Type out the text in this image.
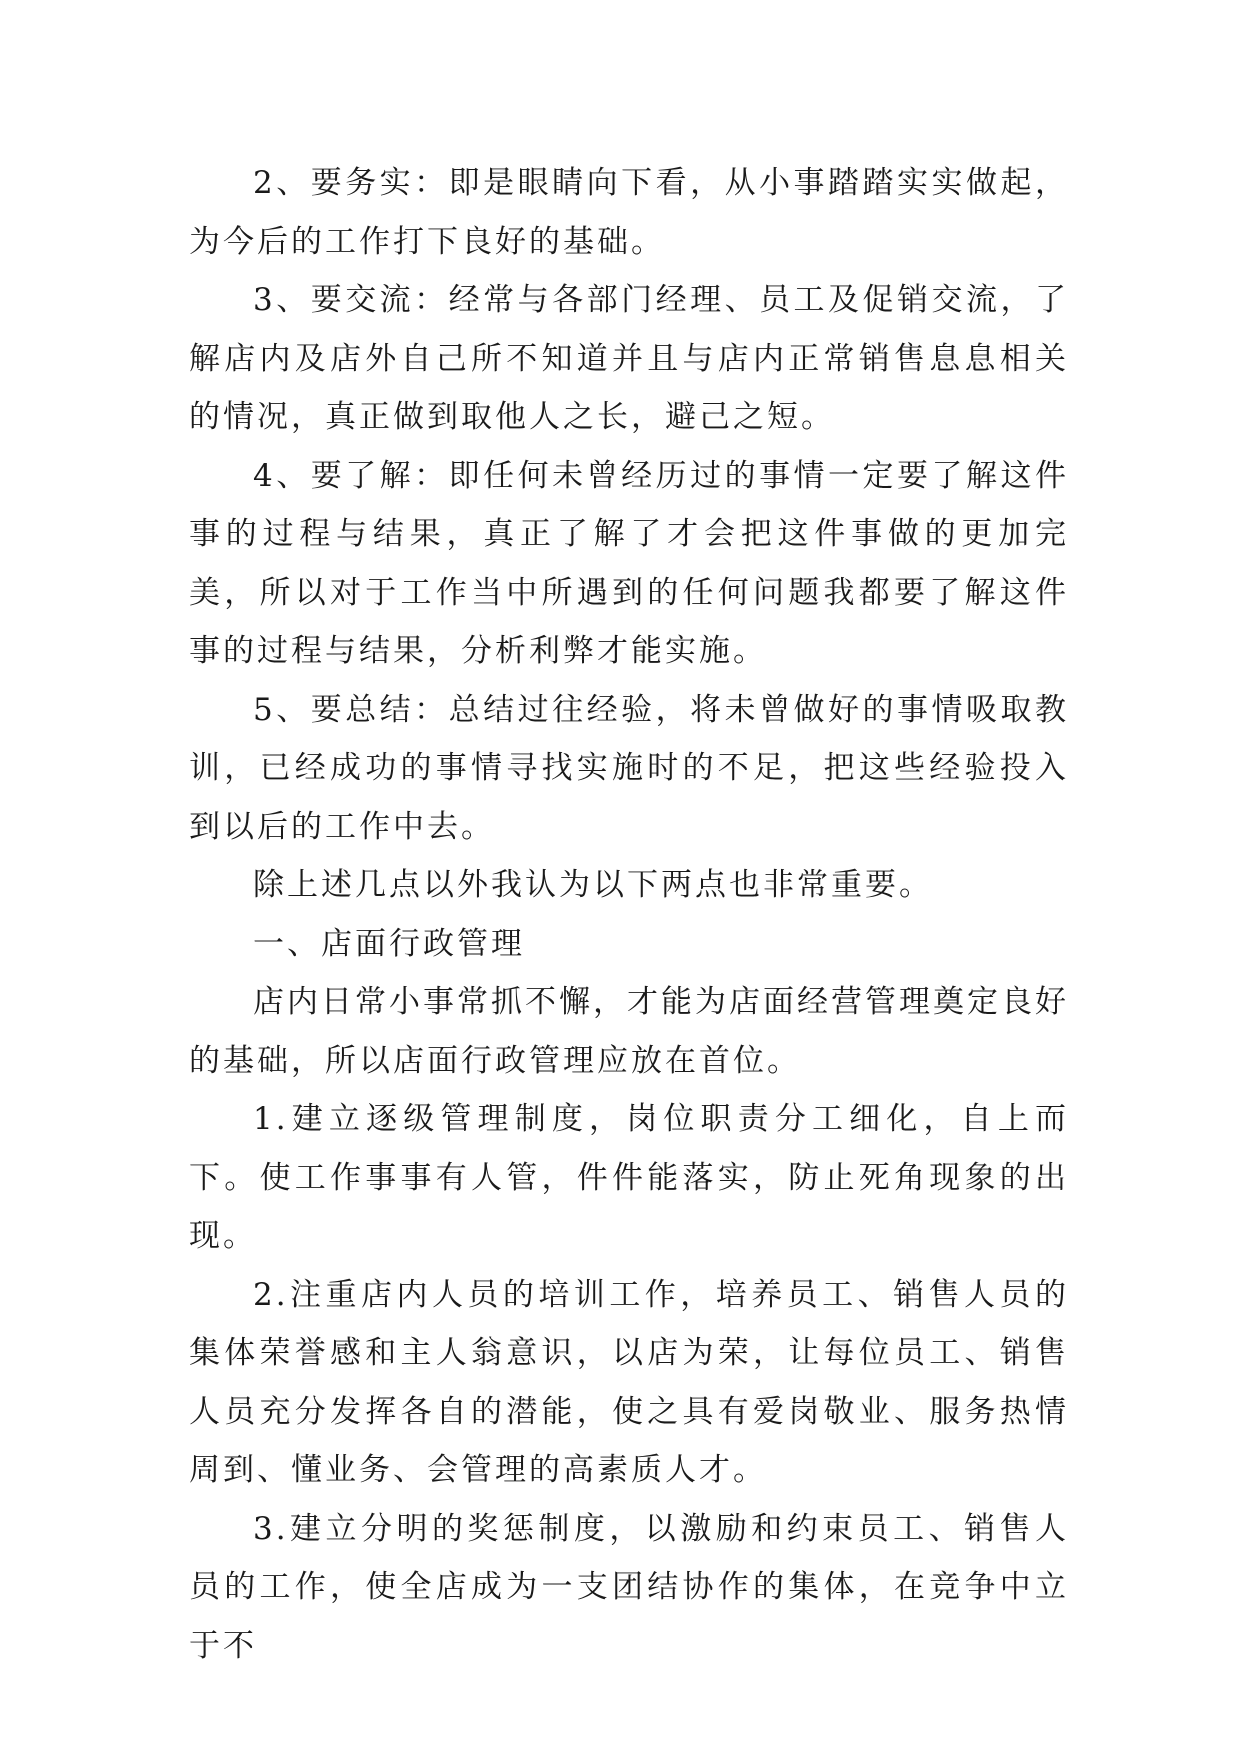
2、要务实：即是眼睛向下看，从小事踏踏实实做起，为今后的工作打下良好的基础。

3、要交流：经常与各部门经理、员工及促销交流，了解店内及店外自己所不知道并且与店内正常销售息息相关的情况，真正做到取他人之长，避己之短。

4、要了解：即任何未曾经历过的事情一定要了解这件事的过程与结果，真正了解了才会把这件事做的更加完美，所以对于工作当中所遇到的任何问题我都要了解这件事的过程与结果，分析利弊才能实施。

5、要总结：总结过往经验，将未曾做好的事情吸取教训，已经成功的事情寻找实施时的不足，把这些经验投入到以后的工作中去。

除上述几点以外我认为以下两点也非常重要。

一、店面行政管理

店内日常小事常抓不懈，才能为店面经营管理奠定良好的基础，所以店面行政管理应放在首位。

1.建立逐级管理制度，岗位职责分工细化，自上而下。使工作事事有人管，件件能落实，防止死角现象的出现。

2.注重店内人员的培训工作，培养员工、销售人员的集体荣誉感和主人翁意识，以店为荣，让每位员工、销售人员充分发挥各自的潜能，使之具有爱岗敬业、服务热情周到、懂业务、会管理的高素质人才。

3.建立分明的奖惩制度，以激励和约束员工、销售人员的工作，使全店成为一支团结协作的集体，在竞争中立于不
